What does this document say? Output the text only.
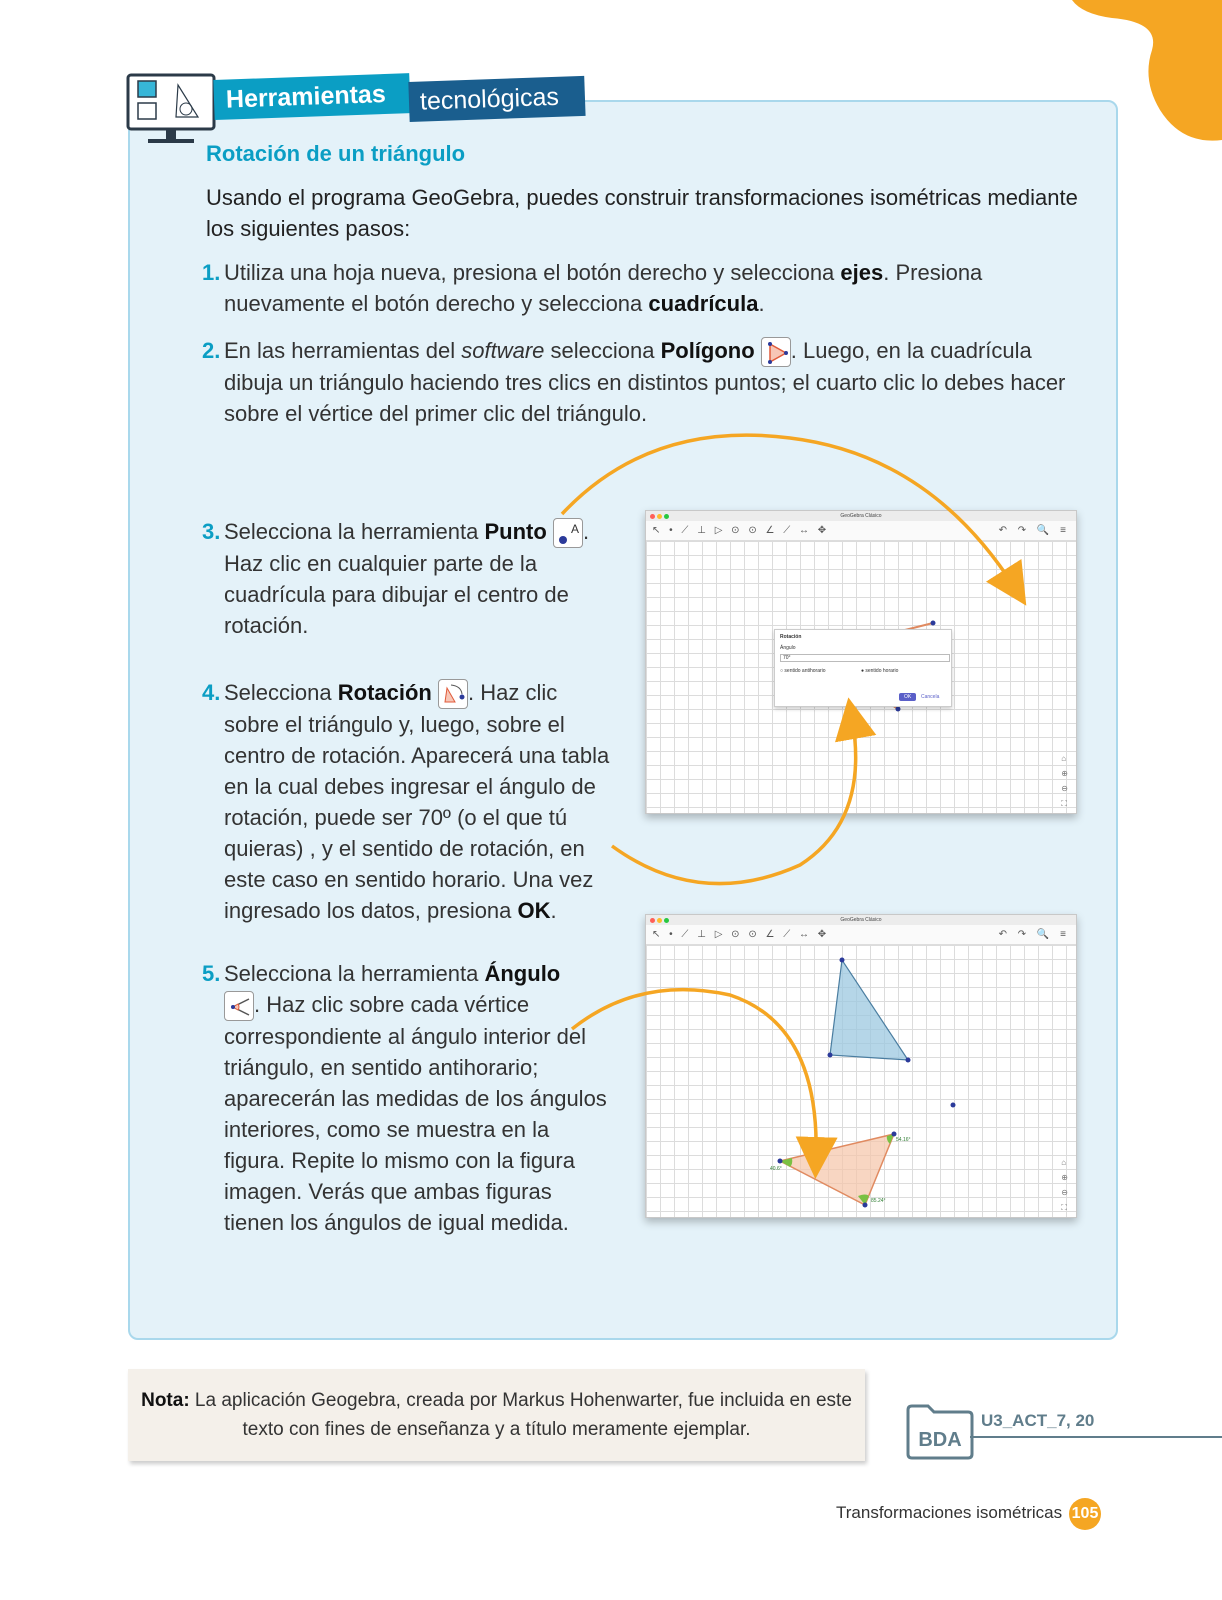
Herramientas	tecnológicas
Rotación de un triángulo
Usando el programa GeoGebra, puedes construir transformaciones isométricas mediante los siguientes pasos:
1. Utiliza una hoja nueva, presiona el botón derecho y selecciona ejes. Presiona nuevamente el botón derecho y selecciona cuadrícula.
2. En las herramientas del software selecciona Polígono . Luego, en la cuadrícula dibuja un triángulo haciendo tres clics en distintos puntos; el cuarto clic lo debes hacer sobre el vértice del primer clic del triángulo.
3. Selecciona la herramienta Punto A . Haz clic en cualquier parte de la cuadrícula para dibujar el centro de rotación.
4. Selecciona Rotación . Haz clic sobre el triángulo y, luego, sobre el centro de rotación. Aparecerá una tabla en la cual debes ingresar el ángulo de rotación, puede ser 70º (o el que tú quieras) , y el sentido de rotación, en este caso en sentido horario. Una vez ingresado los datos, presiona OK.
5. Selecciona la herramienta Ángulo

. Haz clic sobre cada vértice correspondiente al ángulo interior del triángulo, en sentido antihorario; aparecerán las medidas de los ángulos interiores, como se muestra en la figura. Repite lo mismo con la figura imagen. Verás que ambas figuras tienen los ángulos de igual medida.
GeoGebra Clásico
↖ • ⟋ ⊥ ▷ ⊙ ⊙ ∠ ⟋ ↔ ✥	↶ ↷ 🔍 ≡
Rotación
Ángulo
70°
○ sentido antihorario	● sentido horario
OK	Cancela
⌂
⊕
⊖
⛶
GeoGebra Clásico
↖ • ⟋ ⊥ ▷ ⊙ ⊙ ∠ ⟋ ↔ ✥	↶ ↷ 🔍 ≡
40.6°
54.16°
85.24°
⌂
⊕
⊖
⛶
Nota: La aplicación Geogebra, creada por Markus Hohenwarter, fue incluida en este texto con fines de enseñanza y a título meramente ejemplar.	BDA
U3_ACT_7, 20
Transformaciones isométricas 105
